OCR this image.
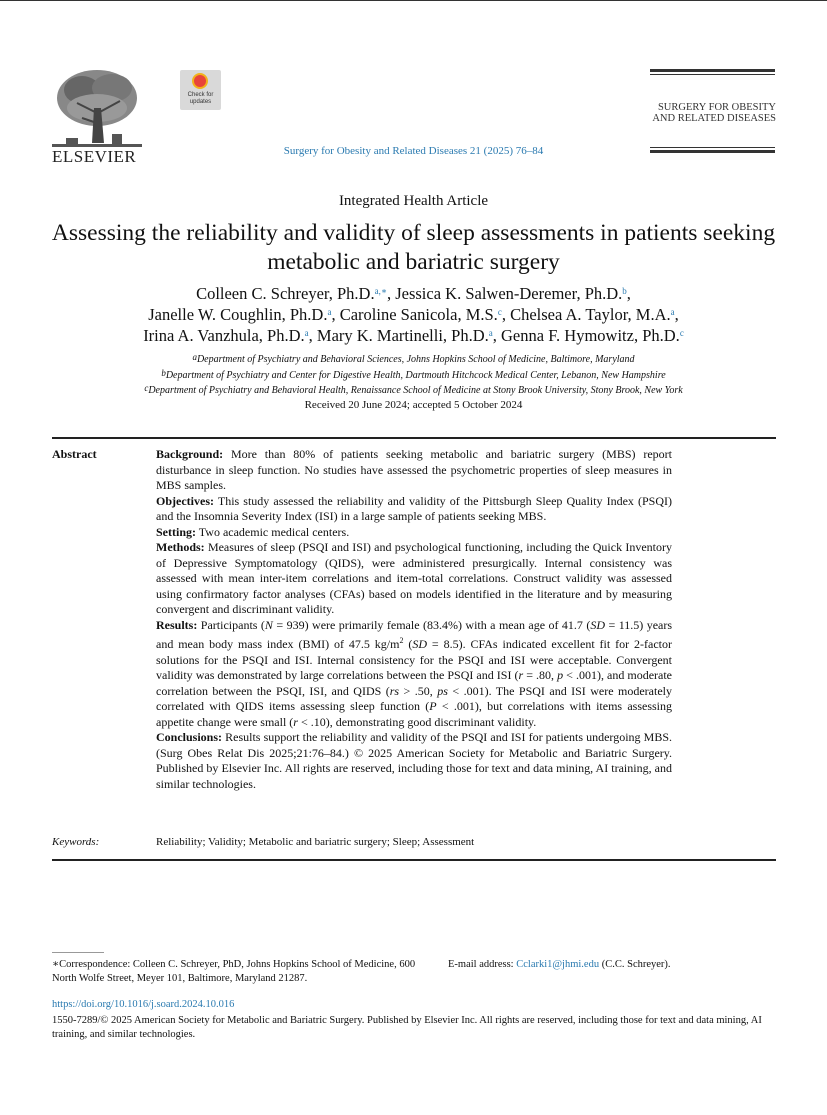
ELSEVIER
Check for updates
Surgery for Obesity and Related Diseases 21 (2025) 76–84
SURGERY FOR OBESITY
AND RELATED DISEASES
Integrated Health Article
Assessing the reliability and validity of sleep assessments in patients seeking metabolic and bariatric surgery
Colleen C. Schreyer, Ph.D.$^{a,∗}$, Jessica K. Salwen-Deremer, Ph.D.$^b$,
Janelle W. Coughlin, Ph.D.$^a$, Caroline Sanicola, M.S.$^c$, Chelsea A. Taylor, M.A.$^a$,
Irina A. Vanzhula, Ph.D.$^a$, Mary K. Martinelli, Ph.D.$^a$, Genna F. Hymowitz, Ph.D.$^c$
$^a$Department of Psychiatry and Behavioral Sciences, Johns Hopkins School of Medicine, Baltimore, Maryland
$^b$Department of Psychiatry and Center for Digestive Health, Dartmouth Hitchcock Medical Center, Lebanon, New Hampshire
$^c$Department of Psychiatry and Behavioral Health, Renaissance School of Medicine at Stony Brook University, Stony Brook, New York
Received 20 June 2024; accepted 5 October 2024
Abstract	Background: More than 80% of patients seeking metabolic and bariatric surgery (MBS) report disturbance in sleep function. No studies have assessed the psychometric properties of sleep measures in MBS samples.

Objectives: This study assessed the reliability and validity of the Pittsburgh Sleep Quality Index (PSQI) and the Insomnia Severity Index (ISI) in a large sample of patients seeking MBS.

Setting: Two academic medical centers.

Methods: Measures of sleep (PSQI and ISI) and psychological functioning, including the Quick Inventory of Depressive Symptomatology (QIDS), were administered presurgically. Internal consistency was assessed with mean inter-item correlations and item-total correlations. Construct validity was assessed using confirmatory factor analyses (CFAs) based on models identified in the literature and by measuring convergent and discriminant validity.

Results: Participants (N = 939) were primarily female (83.4%) with a mean age of 41.7 (SD = 11.5) years and mean body mass index (BMI) of 47.5 $kg/m^2$ (SD = 8.5). CFAs indicated excellent fit for 2-factor solutions for the PSQI and ISI. Internal consistency for the PSQI and ISI were acceptable. Convergent validity was demonstrated by large correlations between the PSQI and ISI (r = .80, p < .001), and moderate correlation between the PSQI, ISI, and QIDS (rs > .50, ps < .001). The PSQI and ISI were moderately correlated with QIDS items assessing sleep function (P < .001), but correlations with items assessing appetite change were small (r < .10), demonstrating good discriminant validity.

Conclusions: Results support the reliability and validity of the PSQI and ISI for patients undergoing MBS. (Surg Obes Relat Dis 2025;21:76–84.) © 2025 American Society for Metabolic and Bariatric Surgery. Published by Elsevier Inc. All rights are reserved, including those for text and data mining, AI training, and similar technologies.

Keywords:	Reliability; Validity; Metabolic and bariatric surgery; Sleep; Assessment
∗Correspondence: Colleen C. Schreyer, PhD, Johns Hopkins School of Medicine, 600 North Wolfe Street, Meyer 101, Baltimore, Maryland 21287.
E-mail address: Cclarki1@jhmi.edu (C.C. Schreyer).
https://doi.org/10.1016/j.soard.2024.10.016
1550-7289/© 2025 American Society for Metabolic and Bariatric Surgery. Published by Elsevier Inc. All rights are reserved, including those for text and data mining, AI training, and similar technologies.
